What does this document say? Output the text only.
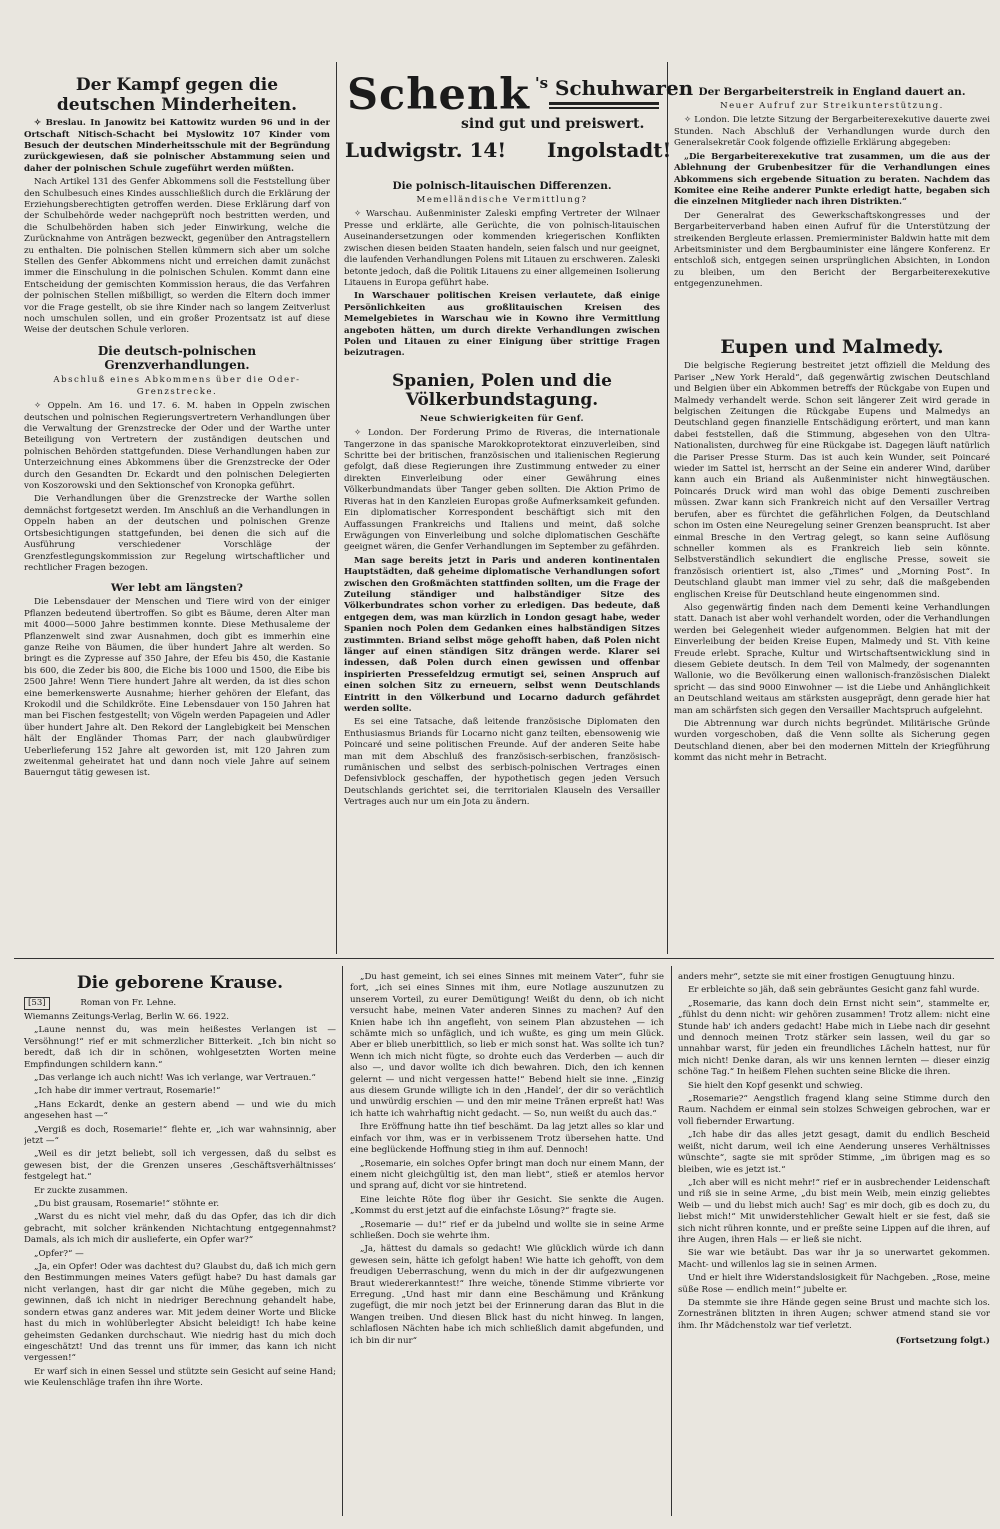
Schenk 's Schuhwaren
sind gut und preiswert.
Ludwigstr. 14! Ingolstadt!
Der Kampf gegen die deutschen Minderheiten.

✧ Breslau. In Janowitz bei Kattowitz wurden 96 und in der Ortschaft Nitisch-Schacht bei Myslowitz 107 Kinder vom Besuch der deutschen Minderheitsschule mit der Begründung zurückgewiesen, daß sie polnischer Abstammung seien und daher der polnischen Schule zugeführt werden müßten.

Nach Artikel 131 des Genfer Abkommens soll die Feststellung über den Schulbesuch eines Kindes ausschließlich durch die Erklärung der Erziehungsberechtigten getroffen werden. Diese Erklärung darf von der Schulbehörde weder nachgeprüft noch bestritten werden, und die Schulbehörden haben sich jeder Einwirkung, welche die Zurücknahme von Anträgen bezweckt, gegenüber den Antragstellern zu enthalten. Die polnischen Stellen kümmern sich aber um solche Stellen des Genfer Abkommens nicht und erreichen damit zunächst immer die Einschulung in die polnischen Schulen. Kommt dann eine Entscheidung der gemischten Kommission heraus, die das Verfahren der polnischen Stellen mißbilligt, so werden die Eltern doch immer vor die Frage gestellt, ob sie ihre Kinder nach so langem Zeitverlust noch umschulen sollen, und ein großer Prozentsatz ist auf diese Weise der deutschen Schule verloren.

Die deutsch-polnischen Grenzverhandlungen.
Abschluß eines Abkommens über die Oder-Grenzstrecke.

✧ Oppeln. Am 16. und 17. 6. M. haben in Oppeln zwischen deutschen und polnischen Regierungsvertretern Verhandlungen über die Verwaltung der Grenzstrecke der Oder und der Warthe unter Beteiligung von Vertretern der zuständigen deutschen und polnischen Behörden stattgefunden. Diese Verhandlungen haben zur Unterzeichnung eines Abkommens über die Grenzstrecke der Oder durch den Gesandten Dr. Eckardt und den polnischen Delegierten von Koszorowski und den Sektionschef von Kronopka geführt.

Die Verhandlungen über die Grenzstrecke der Warthe sollen demnächst fortgesetzt werden. Im Anschluß an die Verhandlungen in Oppeln haben an der deutschen und polnischen Grenze Ortsbesichtigungen stattgefunden, bei denen die sich auf die Ausführung verschiedener Vorschläge der Grenzfestlegungskommission zur Regelung wirtschaftlicher und rechtlicher Fragen bezogen.

Wer lebt am längsten?

Die Lebensdauer der Menschen und Tiere wird von der einiger Pflanzen bedeutend übertroffen. So gibt es Bäume, deren Alter man mit 4000—5000 Jahre bestimmen konnte. Diese Methusaleme der Pflanzenwelt sind zwar Ausnahmen, doch gibt es immerhin eine ganze Reihe von Bäumen, die über hundert Jahre alt werden. So bringt es die Zypresse auf 350 Jahre, der Efeu bis 450, die Kastanie bis 600, die Zeder bis 800, die Eiche bis 1000 und 1500, die Eibe bis 2500 Jahre! Wenn Tiere hundert Jahre alt werden, da ist dies schon eine bemerkenswerte Ausnahme; hierher gehören der Elefant, das Krokodil und die Schildkröte. Eine Lebensdauer von 150 Jahren hat man bei Fischen festgestellt; von Vögeln werden Papageien und Adler über hundert Jahre alt. Den Rekord der Langlebigkeit bei Menschen hält der Engländer Thomas Parr, der nach glaubwürdiger Ueberlieferung 152 Jahre alt geworden ist, mit 120 Jahren zum zweitenmal geheiratet hat und dann noch viele Jahre auf seinem Bauerngut tätig gewesen ist.

Die polnisch-litauischen Differenzen.
Memelländische Vermittlung?

✧ Warschau. Außenminister Zaleski empfing Vertreter der Wilnaer Presse und erklärte, alle Gerüchte, die von polnisch-litauischen Auseinandersetzungen oder kommenden kriegerischen Konflikten zwischen diesen beiden Staaten handeln, seien falsch und nur geeignet, die laufenden Verhandlungen Polens mit Litauen zu erschweren. Zaleski betonte jedoch, daß die Politik Litauens zu einer allgemeinen Isolierung Litauens in Europa geführt habe.

In Warschauer politischen Kreisen verlautete, daß einige Persönlichkeiten aus großlitauischen Kreisen des Memelgebietes in Warschau wie in Kowno ihre Vermittlung angeboten hätten, um durch direkte Verhandlungen zwischen Polen und Litauen zu einer Einigung über strittige Fragen beizutragen.

Spanien, Polen und die Völkerbundstagung.
Neue Schwierigkeiten für Genf.

✧ London. Der Forderung Primo de Riveras, die internationale Tangerzone in das spanische Marokkoprotektorat einzuverleiben, sind Schritte bei der britischen, französischen und italienischen Regierung gefolgt, daß diese Regierungen ihre Zustimmung entweder zu einer direkten Einverleibung oder einer Gewährung eines Völkerbundmandats über Tanger geben sollten. Die Aktion Primo de Riveras hat in den Kanzleien Europas große Aufmerksamkeit gefunden. Ein diplomatischer Korrespondent beschäftigt sich mit den Auffassungen Frankreichs und Italiens und meint, daß solche Erwägungen von Einverleibung und solche diplomatischen Geschäfte geeignet wären, die Genfer Verhandlungen im September zu gefährden.

Man sage bereits jetzt in Paris und anderen kontinentalen Hauptstädten, daß geheime diplomatische Verhandlungen sofort zwischen den Großmächten stattfinden sollten, um die Frage der Zuteilung ständiger und halbständiger Sitze des Völkerbundrates schon vorher zu erledigen. Das bedeute, daß entgegen dem, was man kürzlich in London gesagt habe, weder Spanien noch Polen dem Gedanken eines halbständigen Sitzes zustimmten. Briand selbst möge gehofft haben, daß Polen nicht länger auf einen ständigen Sitz drängen werde. Klarer sei indessen, daß Polen durch einen gewissen und offenbar inspirierten Pressefeldzug ermutigt sei, seinen Anspruch auf einen solchen Sitz zu erneuern, selbst wenn Deutschlands Eintritt in den Völkerbund und Locarno dadurch gefährdet werden sollte.

Es sei eine Tatsache, daß leitende französische Diplomaten den Enthusiasmus Briands für Locarno nicht ganz teilten, ebensowenig wie Poincaré und seine politischen Freunde. Auf der anderen Seite habe man mit dem Abschluß des französisch-serbischen, französisch-rumänischen und selbst des serbisch-polnischen Vertrages einen Defensivblock geschaffen, der hypothetisch gegen jeden Versuch Deutschlands gerichtet sei, die territorialen Klauseln des Versailler Vertrages auch nur um ein Jota zu ändern.

Der Bergarbeiterstreik in England dauert an.
Neuer Aufruf zur Streikunterstützung.

✧ London. Die letzte Sitzung der Bergarbeiterexekutive dauerte zwei Stunden. Nach Abschluß der Verhandlungen wurde durch den Generalsekretär Cook folgende offizielle Erklärung abgegeben:

„Die Bergarbeiterexekutive trat zusammen, um die aus der Ablehnung der Grubenbesitzer für die Verhandlungen eines Abkommens sich ergebende Situation zu beraten. Nachdem das Komitee eine Reihe anderer Punkte erledigt hatte, begaben sich die einzelnen Mitglieder nach ihren Distrikten.“

Der Generalrat des Gewerkschaftskongresses und der Bergarbeiterverband haben einen Aufruf für die Unterstützung der streikenden Bergleute erlassen. Premierminister Baldwin hatte mit dem Arbeitsminister und dem Bergbauminister eine längere Konferenz. Er entschloß sich, entgegen seinen ursprünglichen Absichten, in London zu bleiben, um den Bericht der Bergarbeiterexekutive entgegenzunehmen.

Eupen und Malmedy.

Die belgische Regierung bestreitet jetzt offiziell die Meldung des Pariser „New York Herald“, daß gegenwärtig zwischen Deutschland und Belgien über ein Abkommen betreffs der Rückgabe von Eupen und Malmedy verhandelt werde. Schon seit längerer Zeit wird gerade in belgischen Zeitungen die Rückgabe Eupens und Malmedys an Deutschland gegen finanzielle Entschädigung erörtert, und man kann dabei feststellen, daß die Stimmung, abgesehen von den Ultra-Nationalisten, durchweg für eine Rückgabe ist. Dagegen läuft natürlich die Pariser Presse Sturm. Das ist auch kein Wunder, seit Poincaré wieder im Sattel ist, herrscht an der Seine ein anderer Wind, darüber kann auch ein Briand als Außenminister nicht hinwegtäuschen. Poincarés Druck wird man wohl das obige Dementi zuschreiben müssen. Zwar kann sich Frankreich nicht auf den Versailler Vertrag berufen, aber es fürchtet die gefährlichen Folgen, da Deutschland schon im Osten eine Neuregelung seiner Grenzen beansprucht. Ist aber einmal Bresche in den Vertrag gelegt, so kann seine Auflösung schneller kommen als es Frankreich lieb sein könnte. Selbstverständlich sekundiert die englische Presse, soweit sie französisch orientiert ist, also „Times“ und „Morning Post“. In Deutschland glaubt man immer viel zu sehr, daß die maßgebenden englischen Kreise für Deutschland heute eingenommen sind.

Also gegenwärtig finden nach dem Dementi keine Verhandlungen statt. Danach ist aber wohl verhandelt worden, oder die Verhandlungen werden bei Gelegenheit wieder aufgenommen. Belgien hat mit der Einverleibung der beiden Kreise Eupen, Malmedy und St. Vith keine Freude erlebt. Sprache, Kultur und Wirtschaftsentwicklung sind in diesem Gebiete deutsch. In dem Teil von Malmedy, der sogenannten Wallonie, wo die Bevölkerung einen wallonisch-französischen Dialekt spricht — das sind 9000 Einwohner — ist die Liebe und Anhänglichkeit an Deutschland weitaus am stärksten ausgeprägt, denn gerade hier hat man am schärfsten sich gegen den Versailler Machtspruch aufgelehnt.

Die Abtrennung war durch nichts begründet. Militärische Gründe wurden vorgeschoben, daß die Venn sollte als Sicherung gegen Deutschland dienen, aber bei den modernen Mitteln der Kriegführung kommt das nicht mehr in Betracht.

Die geborene Krause.
[53]	Roman von Fr. Lehne.
Wiemanns Zeitungs-Verlag, Berlin W. 66. 1922.

„Laune nennst du, was mein heißestes Verlangen ist — Versöhnung!“ rief er mit schmerzlicher Bitterkeit. „Ich bin nicht so beredt, daß ich dir in schönen, wohlgesetzten Worten meine Empfindungen schildern kann.“

„Das verlange ich auch nicht! Was ich verlange, war Vertrauen.“

„Ich habe dir immer vertraut, Rosemarie!“

„Hans Eckardt, denke an gestern abend — und wie du mich angesehen hast —“

„Vergiß es doch, Rosemarie!“ flehte er, „ich war wahnsinnig, aber jetzt —“

„Weil es dir jetzt beliebt, soll ich vergessen, daß du selbst es gewesen bist, der die Grenzen unseres ‚Geschäftsverhältnisses‘ festgelegt hat.“

Er zuckte zusammen.

„Du bist grausam, Rosemarie!“ stöhnte er.

„Warst du es nicht viel mehr, daß du das Opfer, das ich dir dich gebracht, mit solcher kränkenden Nichtachtung entgegennahmst? Damals, als ich mich dir auslieferte, ein Opfer war?“

„Opfer?“ —

„Ja, ein Opfer! Oder was dachtest du? Glaubst du, daß ich mich gern den Bestimmungen meines Vaters gefügt habe? Du hast damals gar nicht verlangen, hast dir gar nicht die Mühe gegeben, mich zu gewinnen, daß ich nicht in niedriger Berechnung gehandelt habe, sondern etwas ganz anderes war. Mit jedem deiner Worte und Blicke hast du mich in wohlüberlegter Absicht beleidigt! Ich habe keine geheimsten Gedanken durchschaut. Wie niedrig hast du mich doch eingeschätzt! Und das trennt uns für immer, das kann ich nicht vergessen!“

Er warf sich in einen Sessel und stützte sein Gesicht auf seine Hand; wie Keulenschläge trafen ihn ihre Worte.

„Du hast gemeint, ich sei eines Sinnes mit meinem Vater“, fuhr sie fort, „ich sei eines Sinnes mit ihm, eure Notlage auszunutzen zu unserem Vorteil, zu eurer Demütigung! Weißt du denn, ob ich nicht versucht habe, meinen Vater anderen Sinnes zu machen? Auf den Knien habe ich ihn angefleht, von seinem Plan abzustehen — ich schämte mich so unfäglich, und ich wußte, es ging um mein Glück. Aber er blieb unerbittlich, so lieb er mich sonst hat. Was sollte ich tun? Wenn ich mich nicht fügte, so drohte euch das Verderben — auch dir also —, und davor wollte ich dich bewahren. Dich, den ich kennen gelernt — und nicht vergessen hatte!“ Bebend hielt sie inne. „Einzig aus diesem Grunde willigte ich in den ‚Handel‘, der dir so verächtlich und unwürdig erschien — und den mir meine Tränen erpreßt hat! Was ich hatte ich wahrhaftig nicht gedacht. — So, nun weißt du auch das.“

Ihre Eröffnung hatte ihn tief beschämt. Da lag jetzt alles so klar und einfach vor ihm, was er in verbissenem Trotz übersehen hatte. Und eine beglückende Hoffnung stieg in ihm auf. Dennoch!

„Rosemarie, ein solches Opfer bringt man doch nur einem Mann, der einem nicht gleichgültig ist, den man liebt“, stieß er atemlos hervor und sprang auf, dicht vor sie hintretend.

Eine leichte Röte flog über ihr Gesicht. Sie senkte die Augen. „Kommst du erst jetzt auf die einfachste Lösung?“ fragte sie.

„Rosemarie — du!“ rief er da jubelnd und wollte sie in seine Arme schließen. Doch sie wehrte ihm.

„Ja, hättest du damals so gedacht! Wie glücklich würde ich dann gewesen sein, hätte ich gefolgt haben! Wie hatte ich gehofft, von dem freudigen Ueberraschung, wenn du mich in der dir aufgezwungenen Braut wiedererkanntest!“ Ihre weiche, tönende Stimme vibrierte vor Erregung. „Und hast mir dann eine Beschämung und Kränkung zugefügt, die mir noch jetzt bei der Erinnerung daran das Blut in die Wangen treiben. Und diesen Blick hast du nicht hinweg. In langen, schlaflosen Nächten habe ich mich schließlich damit abgefunden, und ich bin dir nur“

anders mehr“, setzte sie mit einer frostigen Genugtuung hinzu.

Er erbleichte so jäh, daß sein gebräuntes Gesicht ganz fahl wurde.

„Rosemarie, das kann doch dein Ernst nicht sein“, stammelte er, „fühlst du denn nicht: wir gehören zusammen! Trotz allem: nicht eine Stunde hab' ich anders gedacht! Habe mich in Liebe nach dir gesehnt und dennoch meinen Trotz stärker sein lassen, weil du gar so unnahbar warst, für jeden ein freundliches Lächeln hattest, nur für mich nicht! Denke daran, als wir uns kennen lernten — dieser einzig schöne Tag.“ In heißem Flehen suchten seine Blicke die ihren.

Sie hielt den Kopf gesenkt und schwieg.

„Rosemarie?“ Aengstlich fragend klang seine Stimme durch den Raum. Nachdem er einmal sein stolzes Schweigen gebrochen, war er voll fiebernder Erwartung.

„Ich habe dir das alles jetzt gesagt, damit du endlich Bescheid weißt, nicht darum, weil ich eine Aenderung unseres Verhältnisses wünschte“, sagte sie mit spröder Stimme, „im übrigen mag es so bleiben, wie es jetzt ist.“

„Ich aber will es nicht mehr!“ rief er in ausbrechender Leidenschaft und riß sie in seine Arme, „du bist mein Weib, mein einzig geliebtes Weib — und du liebst mich auch! Sag' es mir doch, gib es doch zu, du liebst mich!“ Mit unwiderstehlicher Gewalt hielt er sie fest, daß sie sich nicht rühren konnte, und er preßte seine Lippen auf die ihren, auf ihre Augen, ihren Hals — er ließ sie nicht.

Sie war wie betäubt. Das war ihr ja so unerwartet gekommen. Macht- und willenlos lag sie in seinen Armen.

Und er hielt ihre Widerstandslosigkeit für Nachgeben. „Rose, meine süße Rose — endlich mein!“ jubelte er.

Da stemmte sie ihre Hände gegen seine Brust und machte sich los. Zornestränen blitzten in ihren Augen; schwer atmend stand sie vor ihm. Ihr Mädchenstolz war tief verletzt.

(Fortsetzung folgt.)
